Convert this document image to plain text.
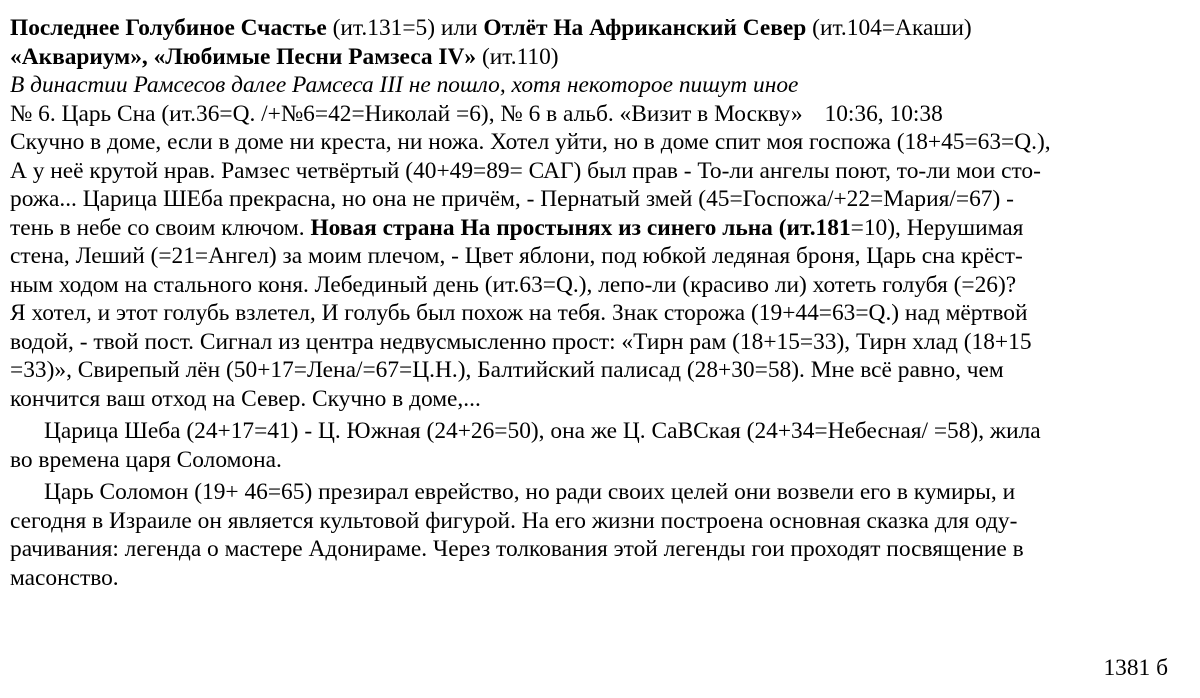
Последнее Голубиное Счастье (ит.131=5) или Отлёт На Африканский Север (ит.104=Акаши)
«Аквариум», «Любимые Песни Рамзеса IV» (ит.110)
В династии Рамсесов далее Рамсеса III не пошло, хотя некоторое пишут иное
№ 6. Царь Сна (ит.36=Q. /+№6=42=Николай =6), № 6 в альб. «Визит в Москву» 10:36, 10:38
Скучно в доме, если в доме ни креста, ни ножа. Хотел уйти, но в доме спит моя госпожа (18+45=63=Q.),
А у неё крутой нрав. Рамзес четвёртый (40+49=89= САГ) был прав - То-ли ангелы поют, то-ли мои сто-
рожа... Царица ШЕба прекрасна, но она не причём, - Пернатый змей (45=Госпожа/+22=Мария/=67) -
тень в небе со своим ключом. Новая страна На простынях из синего льна (ит.181=10), Нерушимая
стена, Леший (=21=Ангел) за моим плечом, - Цвет яблони, под юбкой ледяная броня, Царь сна крёст-
ным ходом на стального коня. Лебединый день (ит.63=Q.), лепо-ли (красиво ли) хотеть голубя (=26)?
Я хотел, и этот голубь взлетел, И голубь был похож на тебя. Знак сторожа (19+44=63=Q.) над мёртвой
водой, - твой пост. Сигнал из центра недвусмысленно прост: «Тирн рам (18+15=33), Тирн хлад (18+15
=33)», Свирепый лён (50+17=Лена/=67=Ц.Н.), Балтийский палисад (28+30=58). Мне всё равно, чем
кончится ваш отход на Север. Скучно в доме,...
Царица Шеба (24+17=41) - Ц. Южная (24+26=50), она же Ц. СаВСкая (24+34=Небесная/ =58), жила
во времена царя Соломона.
Царь Соломон (19+ 46=65) презирал еврейство, но ради своих целей они возвели его в кумиры, и
сегодня в Израиле он является культовой фигурой. На его жизни построена основная сказка для оду-
рачивания: легенда о мастере Адонираме. Через толкования этой легенды гои проходят посвящение в
масонство.
1381 б
